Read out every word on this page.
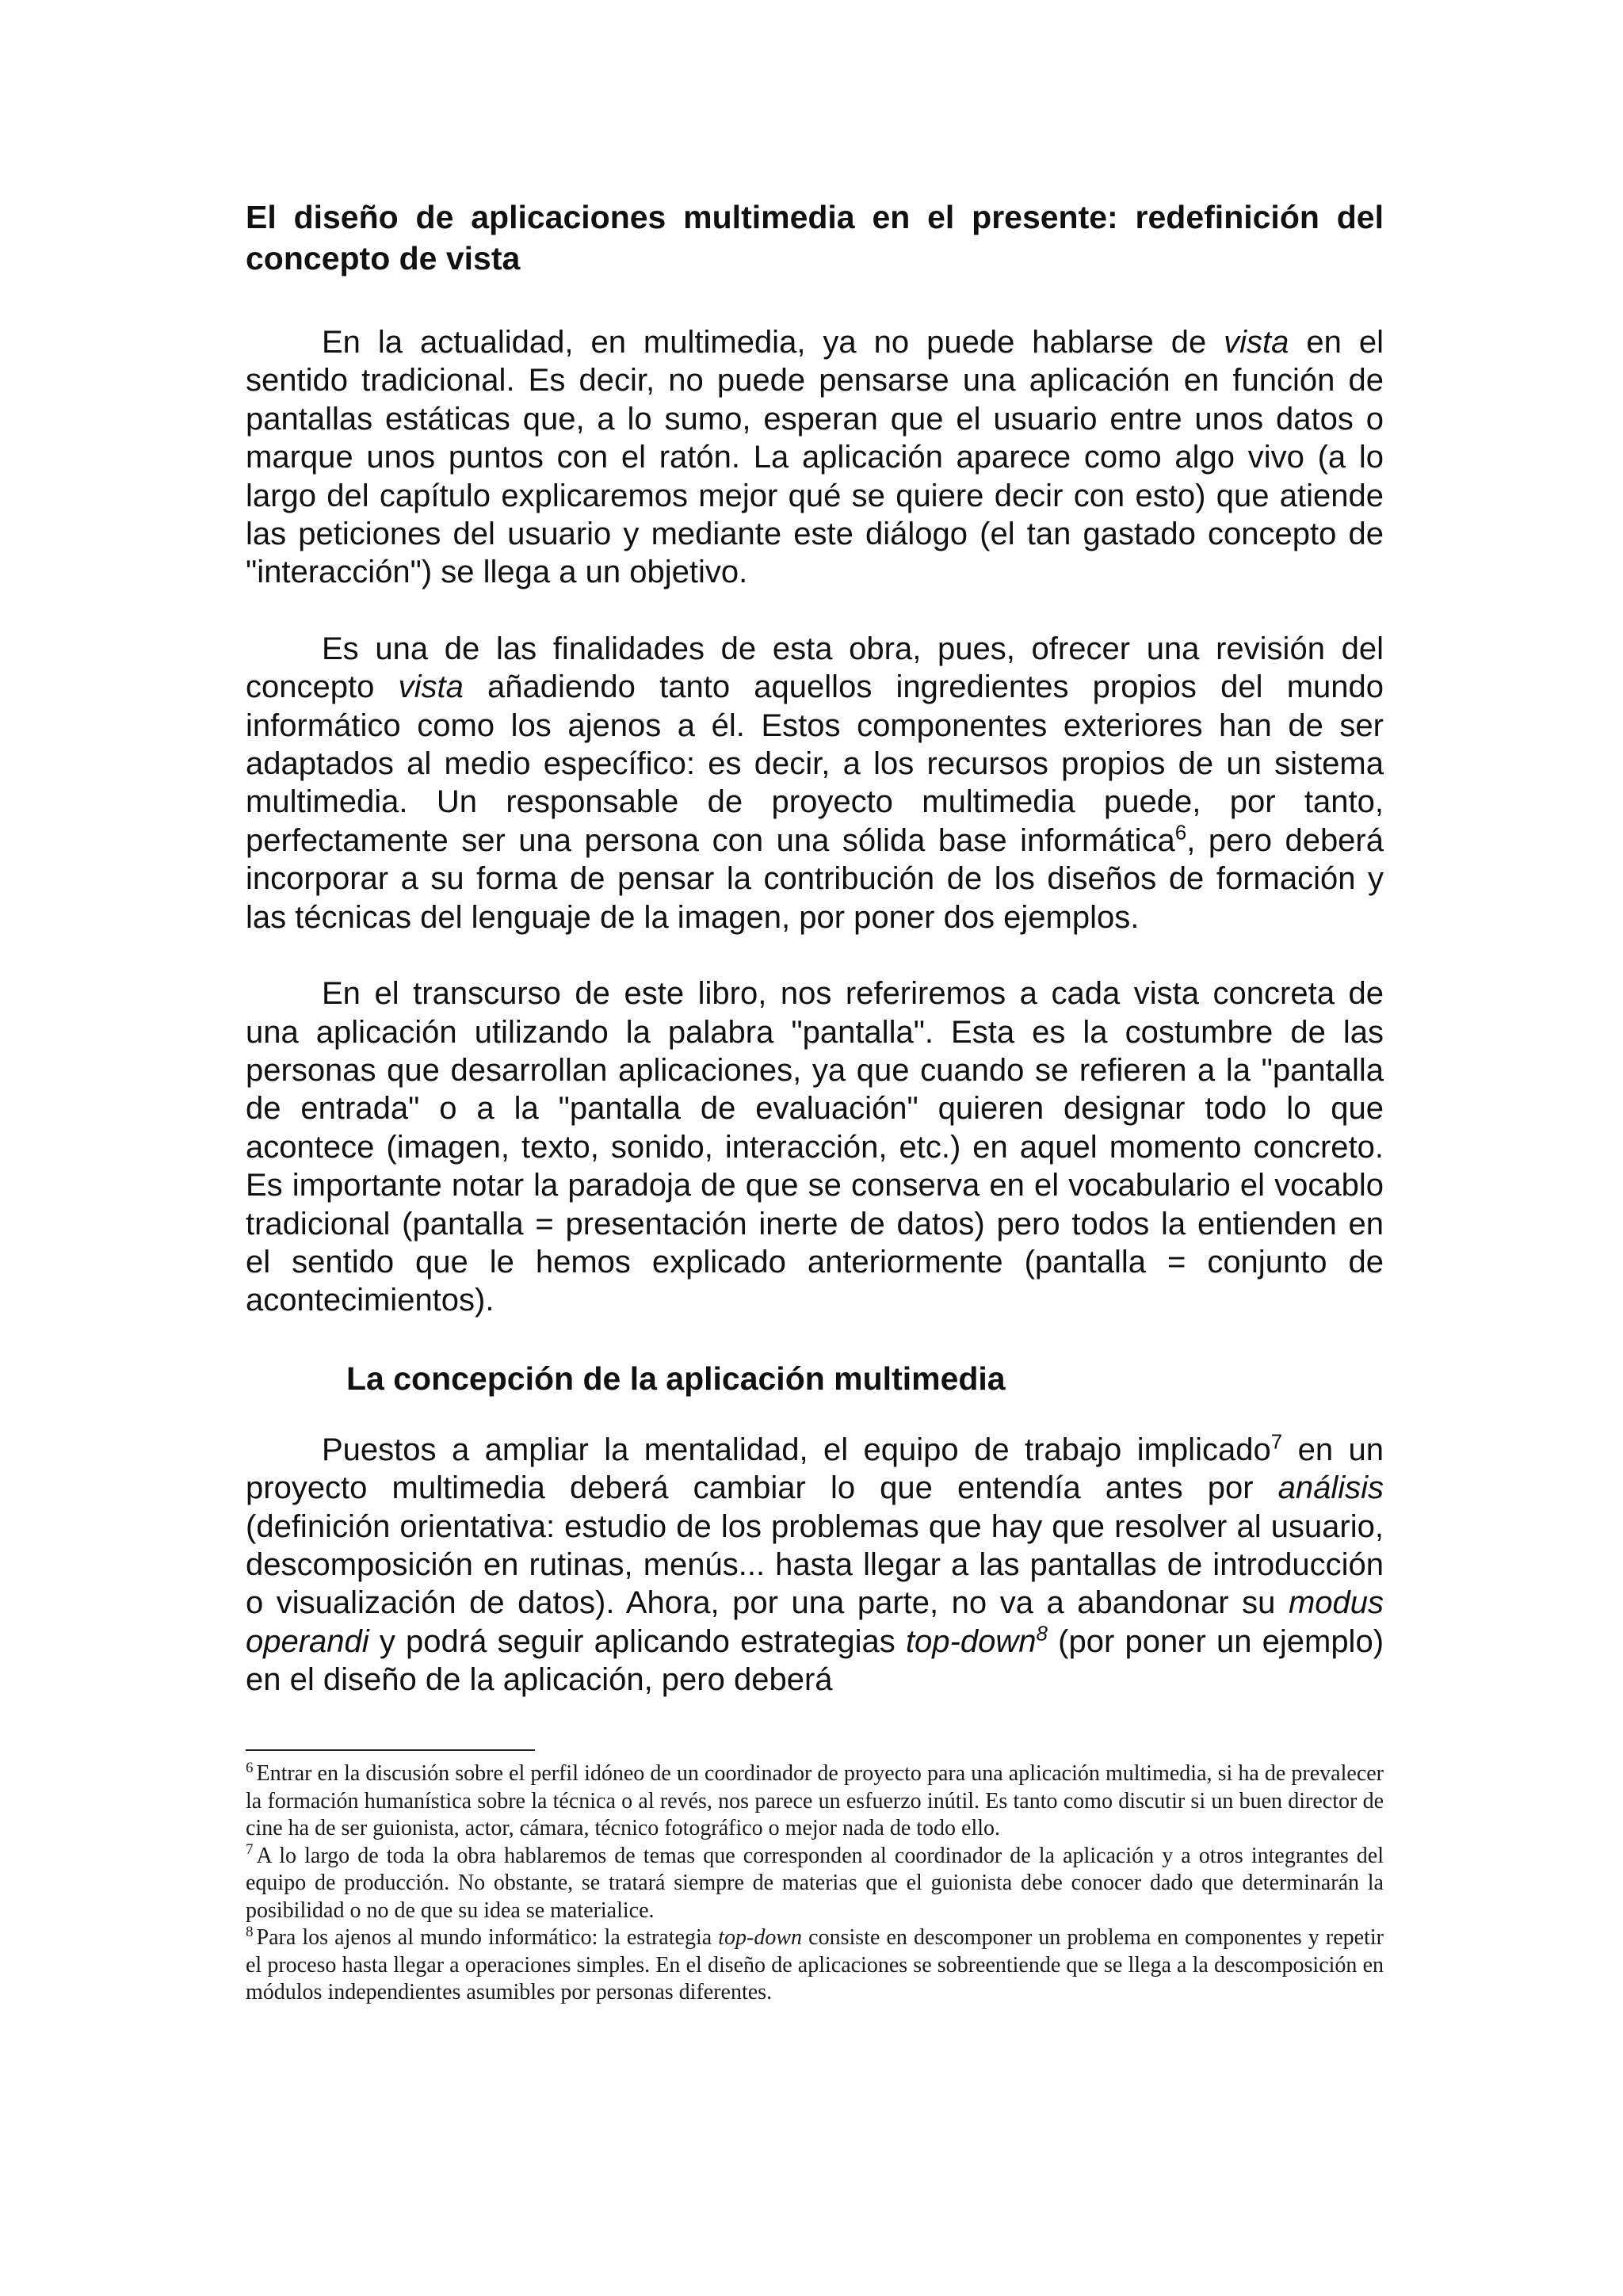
El diseño de aplicaciones multimedia en el presente: redefinición del concepto de vista

En la actualidad, en multimedia, ya no puede hablarse de vista en el sentido tradicional. Es decir, no puede pensarse una aplicación en función de pantallas estáticas que, a lo sumo, esperan que el usuario entre unos datos o marque unos puntos con el ratón. La aplicación aparece como algo vivo (a lo largo del capítulo explicaremos mejor qué se quiere decir con esto) que atiende las peticiones del usuario y mediante este diálogo (el tan gastado concepto de "interacción") se llega a un objetivo.

Es una de las finalidades de esta obra, pues, ofrecer una revisión del concepto vista añadiendo tanto aquellos ingredientes propios del mundo informático como los ajenos a él. Estos componentes exteriores han de ser adaptados al medio específico: es decir, a los recursos propios de un sistema multimedia. Un responsable de proyecto multimedia puede, por tanto, perfectamente ser una persona con una sólida base informática$^6$, pero deberá incorporar a su forma de pensar la contribución de los diseños de formación y las técnicas del lenguaje de la imagen, por poner dos ejemplos.

En el transcurso de este libro, nos referiremos a cada vista concreta de una aplicación utilizando la palabra "pantalla". Esta es la costumbre de las personas que desarrollan aplicaciones, ya que cuando se refieren a la "pantalla de entrada" o a la "pantalla de evaluación" quieren designar todo lo que acontece (imagen, texto, sonido, interacción, etc.) en aquel momento concreto. Es importante notar la paradoja de que se conserva en el vocabulario el vocablo tradicional (pantalla = presentación inerte de datos) pero todos la entienden en el sentido que le hemos explicado anteriormente (pantalla = conjunto de acontecimientos).

La concepción de la aplicación multimedia

Puestos a ampliar la mentalidad, el equipo de trabajo implicado$^7$ en un proyecto multimedia deberá cambiar lo que entendía antes por análisis (definición orientativa: estudio de los problemas que hay que resolver al usuario, descomposición en rutinas, menús... hasta llegar a las pantallas de introducción o visualización de datos). Ahora, por una parte, no va a abandonar su modus operandi y podrá seguir aplicando estrategias top-down$^8$ (por poner un ejemplo) en el diseño de la aplicación, pero deberá

$^6$ Entrar en la discusión sobre el perfil idóneo de un coordinador de proyecto para una aplicación multimedia, si ha de prevalecer la formación humanística sobre la técnica o al revés, nos parece un esfuerzo inútil. Es tanto como discutir si un buen director de cine ha de ser guionista, actor, cámara, técnico fotográfico o mejor nada de todo ello.

$^7$ A lo largo de toda la obra hablaremos de temas que corresponden al coordinador de la aplicación y a otros integrantes del equipo de producción. No obstante, se tratará siempre de materias que el guionista debe conocer dado que determinarán la posibilidad o no de que su idea se materialice.

$^8$ Para los ajenos al mundo informático: la estrategia top-down consiste en descomponer un problema en componentes y repetir el proceso hasta llegar a operaciones simples. En el diseño de aplicaciones se sobreentiende que se llega a la descomposición en módulos independientes asumibles por personas diferentes.
